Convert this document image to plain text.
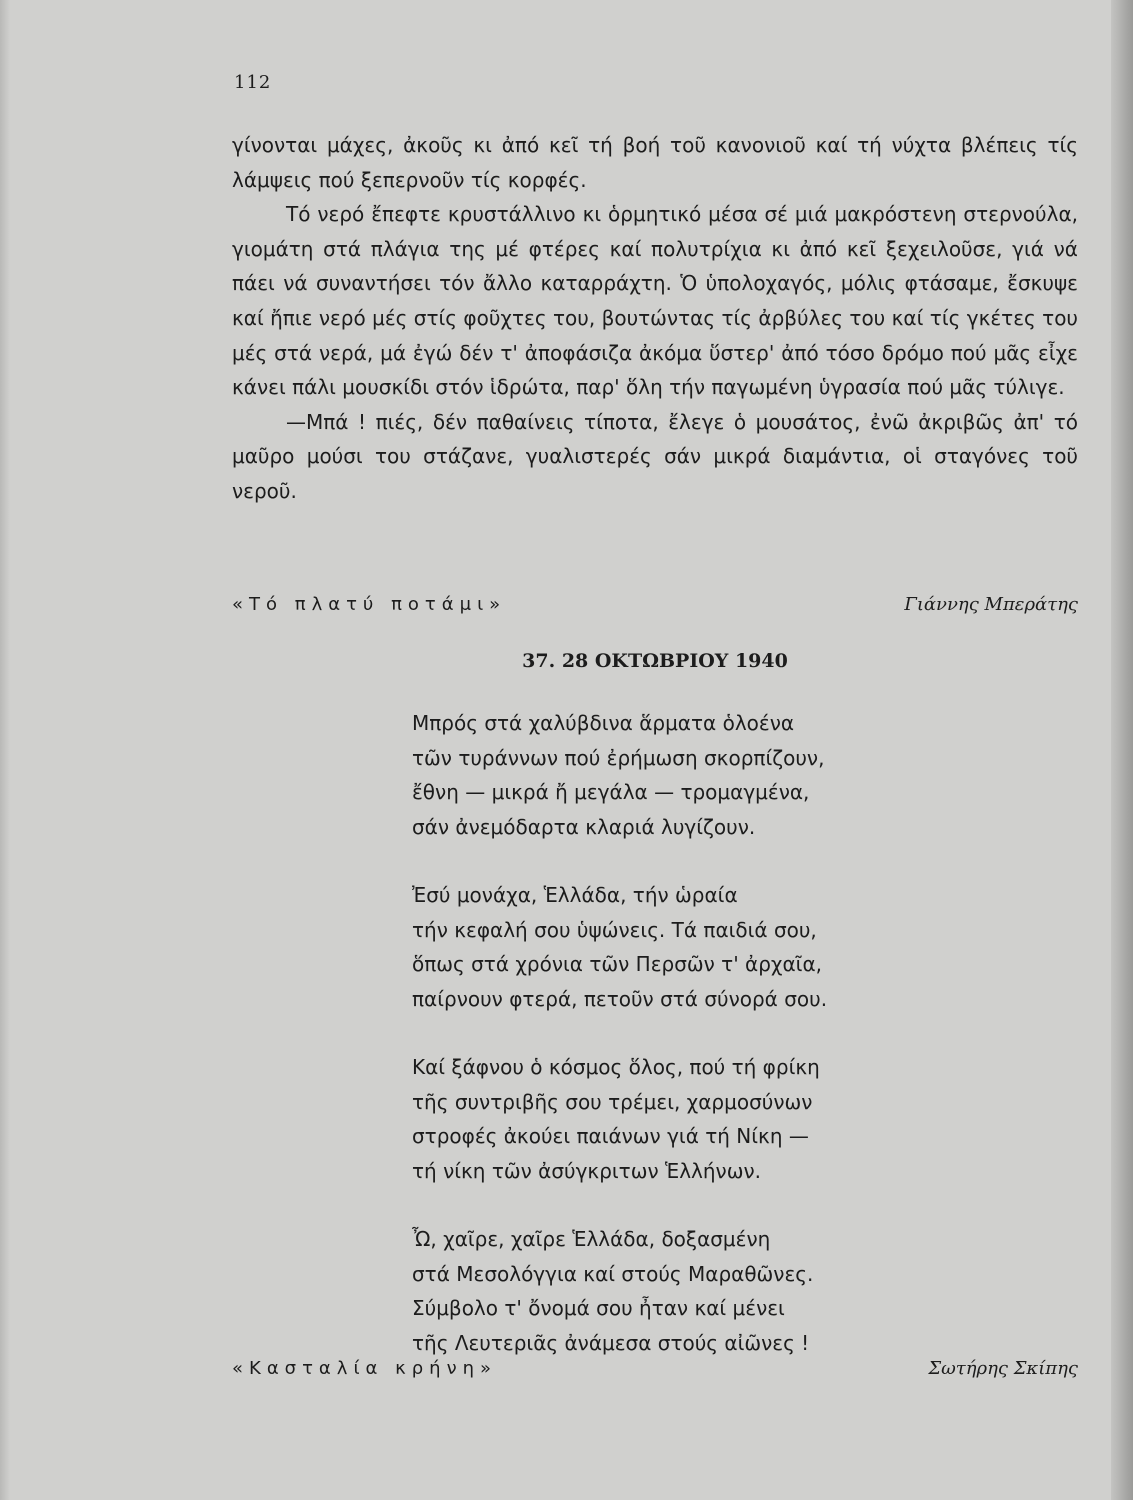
112

γίνονται μάχες, ἀκοῦς κι ἀπό κεῖ τή βοή τοῦ κανονιοῦ καί τή νύχτα βλέπεις τίς λάμψεις πού ξεπερνοῦν τίς κορφές.

Τό νερό ἔπεφτε κρυστάλλινο κι ὁρμητικό μέσα σέ μιά μακρόστενη στερνούλα, γιομάτη στά πλάγια της μέ φτέρες καί πολυτρίχια κι ἀπό κεῖ ξεχειλοῦσε, γιά νά πάει νά συναντήσει τόν ἄλλο καταρράχτη. Ὁ ὑπολοχαγός, μόλις φτάσαμε, ἔσκυψε καί ἤπιε νερό μές στίς φοῦχτες του, βουτώντας τίς ἀρβύλες του καί τίς γκέτες του μές στά νερά, μά ἐγώ δέν τ' ἀποφάσιζα ἀκόμα ὕστερ' ἀπό τόσο δρόμο πού μᾶς εἶχε κάνει πάλι μουσκίδι στόν ἱδρώτα, παρ' ὅλη τήν παγωμένη ὑγρασία πού μᾶς τύλιγε.

—Μπά ! πιές, δέν παθαίνεις τίποτα, ἔλεγε ὁ μουσάτος, ἐνῶ ἀκριβῶς ἀπ' τό μαῦρο μούσι του στάζανε, γυαλιστερές σάν μικρά διαμάντια, οἱ σταγόνες τοῦ νεροῦ.

«Τό πλατύ ποτάμι»	Γιάννης Μπεράτης
37. 28 ΟΚΤΩΒΡΙΟΥ 1940
Μπρός στά χαλύβδινα ἅρματα ὁλοένα
τῶν τυράννων πού ἐρήμωση σκορπίζουν,
ἔθνη — μικρά ἤ μεγάλα — τρομαγμένα,
σάν ἀνεμόδαρτα κλαριά λυγίζουν.
Ἐσύ μονάχα, Ἑλλάδα, τήν ὡραία
τήν κεφαλή σου ὑψώνεις. Τά παιδιά σου,
ὅπως στά χρόνια τῶν Περσῶν τ' ἀρχαῖα,
παίρνουν φτερά, πετοῦν στά σύνορά σου.
Καί ξάφνου ὁ κόσμος ὅλος, πού τή φρίκη
τῆς συντριβῆς σου τρέμει, χαρμοσύνων
στροφές ἀκούει παιάνων γιά τή Νίκη —
τή νίκη τῶν ἀσύγκριτων Ἑλλήνων.
Ὦ, χαῖρε, χαῖρε Ἑλλάδα, δοξασμένη
στά Μεσολόγγια καί στούς Μαραθῶνες.
Σύμβολο τ' ὄνομά σου ἦταν καί μένει
τῆς Λευτεριᾶς ἀνάμεσα στούς αἰῶνες !
«Κασταλία κρήνη»	Σωτήρης Σκίπης
